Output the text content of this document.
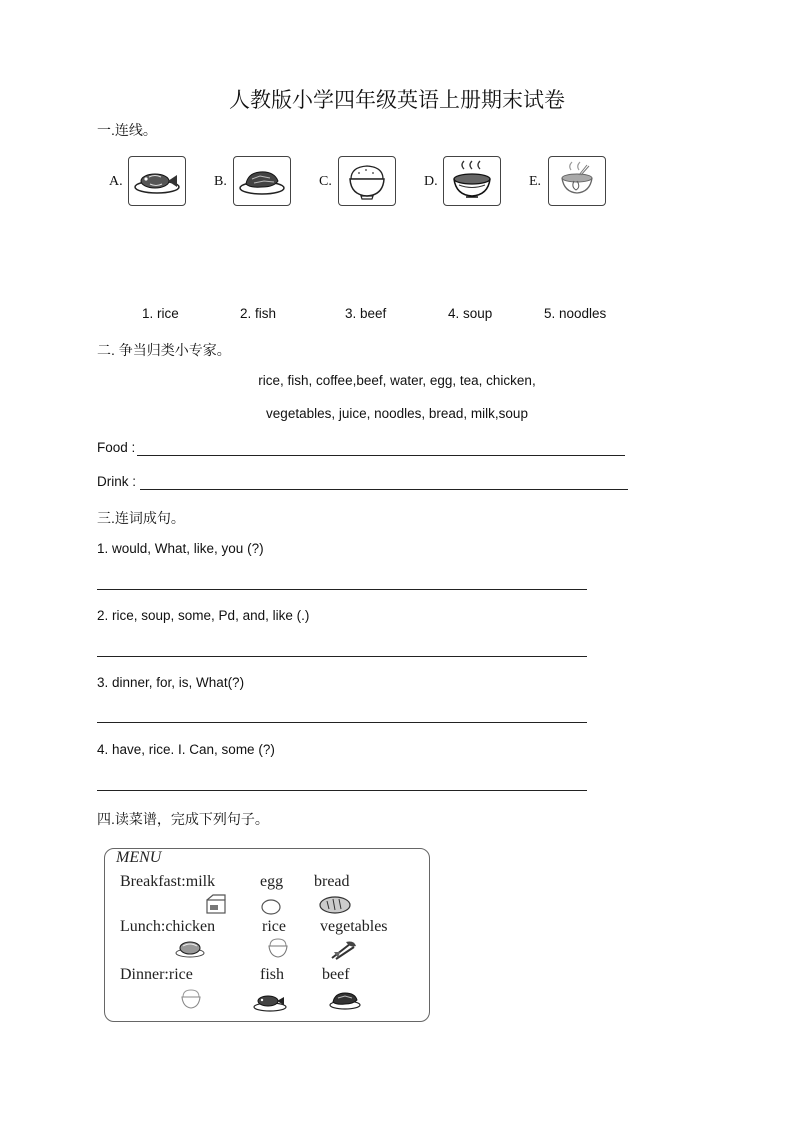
人教版小学四年级英语上册期末试卷
一.连线。
A.	B.	C.	D.	E.
1. rice	2. fish	3. beef	4. soup	5. noodles
二. 争当归类小专家。
rice, fish, coffee,beef, water, egg, tea, chicken,
vegetables, juice, noodles, bread, milk,soup
Food :
Drink :
三.连词成句。
1. would, What, like, you (?)
2. rice, soup, some, Pd, and, like (.)
3. dinner, for, is, What(?)
4. have, rice. I. Can, some (?)
四.读菜谱，完成下列句子。
MENU
Breakfast:milk	egg bread
Lunch:chicken	rice vegetables
Dinner:rice	fish beef
